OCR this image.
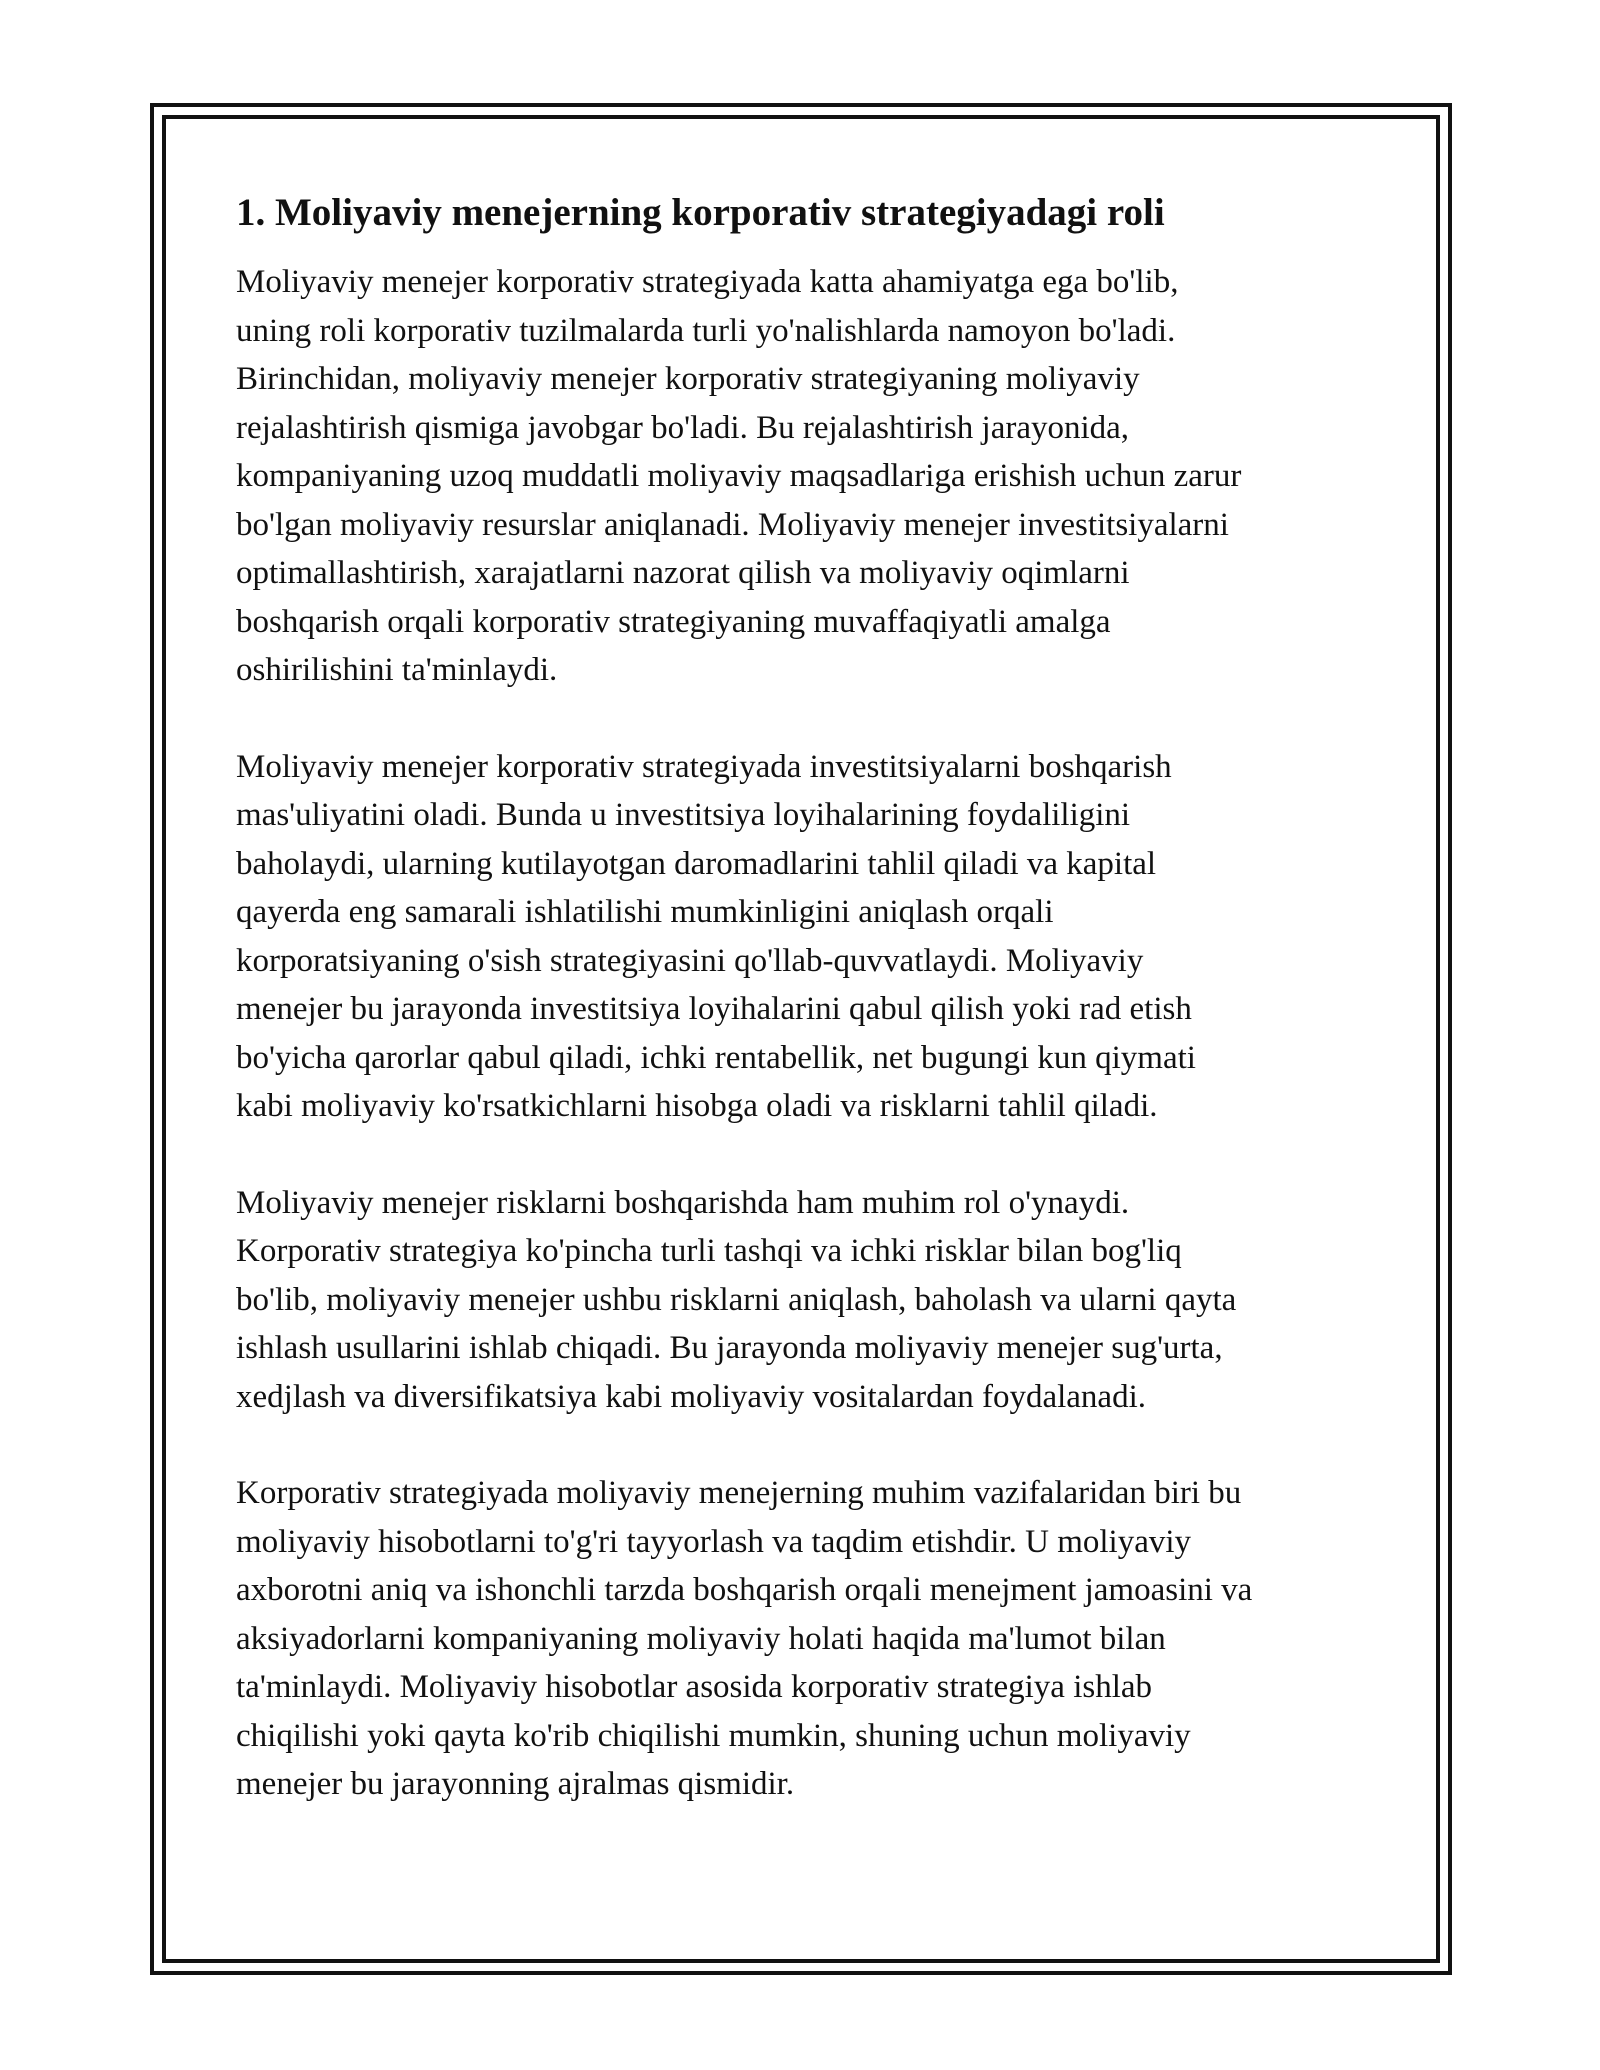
1. Moliyaviy menejerning korporativ strategiyadagi roli

Moliyaviy menejer korporativ strategiyada katta ahamiyatga ega bo'lib,
uning roli korporativ tuzilmalarda turli yo'nalishlarda namoyon bo'ladi.
Birinchidan, moliyaviy menejer korporativ strategiyaning moliyaviy
rejalashtirish qismiga javobgar bo'ladi. Bu rejalashtirish jarayonida,
kompaniyaning uzoq muddatli moliyaviy maqsadlariga erishish uchun zarur
bo'lgan moliyaviy resurslar aniqlanadi. Moliyaviy menejer investitsiyalarni
optimallashtirish, xarajatlarni nazorat qilish va moliyaviy oqimlarni
boshqarish orqali korporativ strategiyaning muvaffaqiyatli amalga
oshirilishini ta'minlaydi.

Moliyaviy menejer korporativ strategiyada investitsiyalarni boshqarish
mas'uliyatini oladi. Bunda u investitsiya loyihalarining foydaliligini
baholaydi, ularning kutilayotgan daromadlarini tahlil qiladi va kapital
qayerda eng samarali ishlatilishi mumkinligini aniqlash orqali
korporatsiyaning o'sish strategiyasini qo'llab-quvvatlaydi. Moliyaviy
menejer bu jarayonda investitsiya loyihalarini qabul qilish yoki rad etish
bo'yicha qarorlar qabul qiladi, ichki rentabellik, net bugungi kun qiymati
kabi moliyaviy ko'rsatkichlarni hisobga oladi va risklarni tahlil qiladi.

Moliyaviy menejer risklarni boshqarishda ham muhim rol o'ynaydi.
Korporativ strategiya ko'pincha turli tashqi va ichki risklar bilan bog'liq
bo'lib, moliyaviy menejer ushbu risklarni aniqlash, baholash va ularni qayta
ishlash usullarini ishlab chiqadi. Bu jarayonda moliyaviy menejer sug'urta,
xedjlash va diversifikatsiya kabi moliyaviy vositalardan foydalanadi.

Korporativ strategiyada moliyaviy menejerning muhim vazifalaridan biri bu
moliyaviy hisobotlarni to'g'ri tayyorlash va taqdim etishdir. U moliyaviy
axborotni aniq va ishonchli tarzda boshqarish orqali menejment jamoasini va
aksiyadorlarni kompaniyaning moliyaviy holati haqida ma'lumot bilan
ta'minlaydi. Moliyaviy hisobotlar asosida korporativ strategiya ishlab
chiqilishi yoki qayta ko'rib chiqilishi mumkin, shuning uchun moliyaviy
menejer bu jarayonning ajralmas qismidir.
